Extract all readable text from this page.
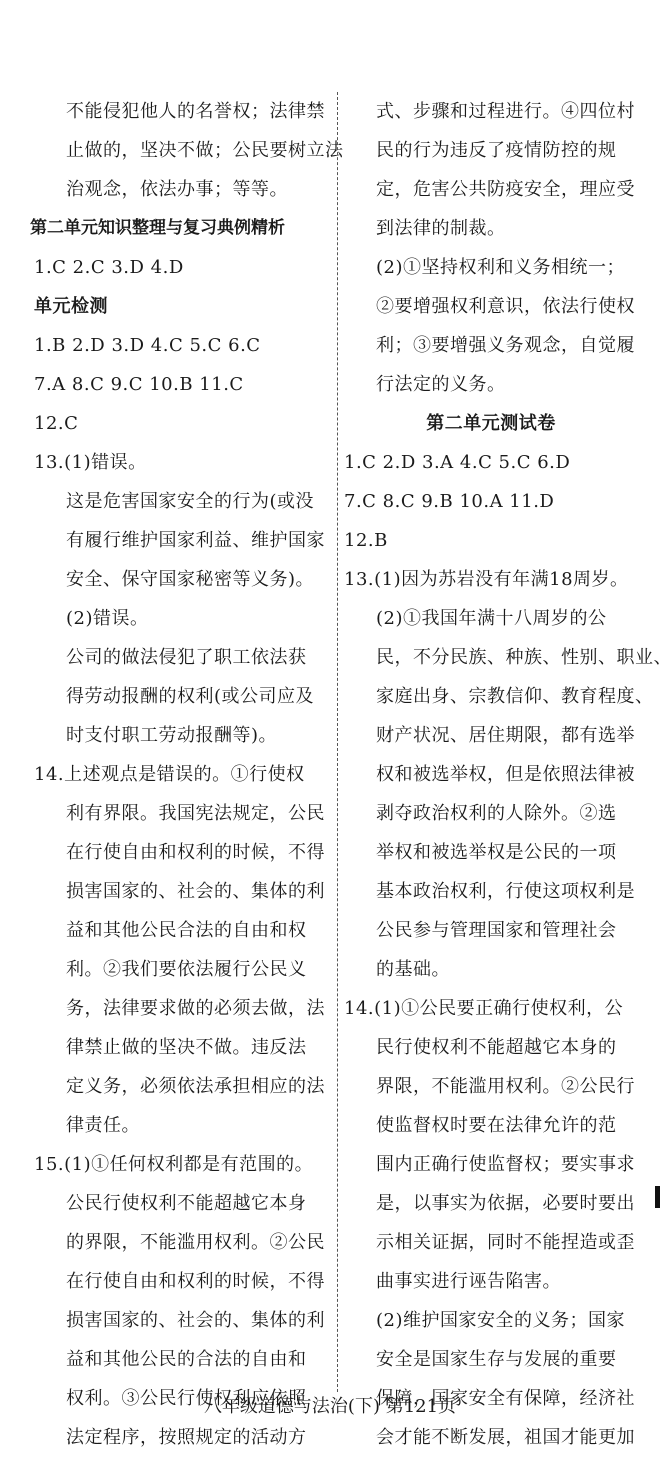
不能侵犯他人的名誉权；法律禁
止做的，坚决不做；公民要树立法
治观念，依法办事；等等。
第二单元知识整理与复习典例精析
1.C 2.C 3.D 4.D
单元检测
1.B 2.D 3.D 4.C 5.C 6.C
7.A 8.C 9.C 10.B 11.C
12.C
13.(1)错误。
这是危害国家安全的行为(或没
有履行维护国家利益、维护国家
安全、保守国家秘密等义务)。
(2)错误。
公司的做法侵犯了职工依法获
得劳动报酬的权利(或公司应及
时支付职工劳动报酬等)。
14.上述观点是错误的。①行使权
利有界限。我国宪法规定，公民
在行使自由和权利的时候，不得
损害国家的、社会的、集体的利
益和其他公民合法的自由和权
利。②我们要依法履行公民义
务，法律要求做的必须去做，法
律禁止做的坚决不做。违反法
定义务，必须依法承担相应的法
律责任。
15.(1)①任何权利都是有范围的。
公民行使权利不能超越它本身
的界限，不能滥用权利。②公民
在行使自由和权利的时候，不得
损害国家的、社会的、集体的利
益和其他公民的合法的自由和
权利。③公民行使权利应依照
法定程序，按照规定的活动方
式、步骤和过程进行。④四位村
民的行为违反了疫情防控的规
定，危害公共防疫安全，理应受
到法律的制裁。
(2)①坚持权利和义务相统一；
②要增强权利意识，依法行使权
利；③要增强义务观念，自觉履
行法定的义务。
第二单元测试卷
1.C 2.D 3.A 4.C 5.C 6.D
7.C 8.C 9.B 10.A 11.D
12.B
13.(1)因为苏岩没有年满18周岁。
(2)①我国年满十八周岁的公
民，不分民族、种族、性别、职业、
家庭出身、宗教信仰、教育程度、
财产状况、居住期限，都有选举
权和被选举权，但是依照法律被
剥夺政治权利的人除外。②选
举权和被选举权是公民的一项
基本政治权利，行使这项权利是
公民参与管理国家和管理社会
的基础。
14.(1)①公民要正确行使权利，公
民行使权利不能超越它本身的
界限，不能滥用权利。②公民行
使监督权时要在法律允许的范
围内正确行使监督权；要实事求
是，以事实为依据，必要时要出
示相关证据，同时不能捏造或歪
曲事实进行诬告陷害。
(2)维护国家安全的义务；国家
安全是国家生存与发展的重要
保障，国家安全有保障，经济社
会才能不断发展，祖国才能更加
八年级道德与法治(下) 第121页
